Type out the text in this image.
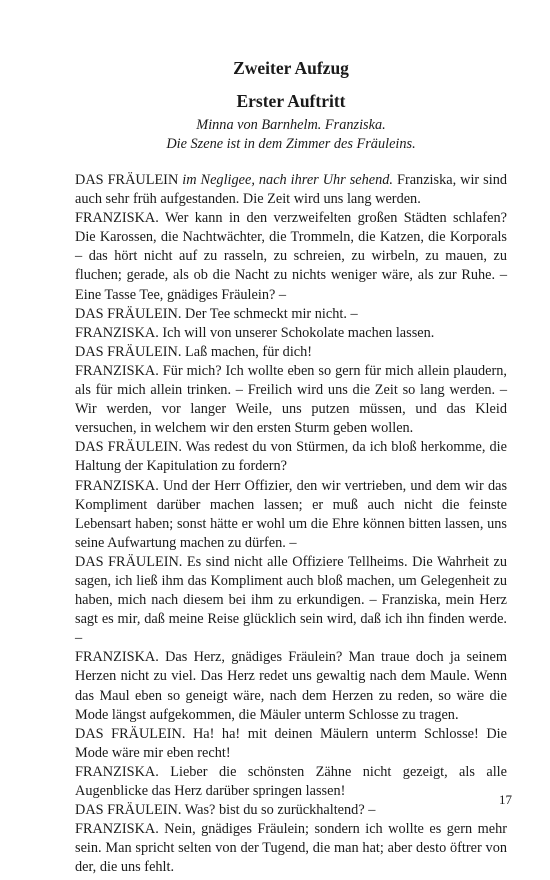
Zweiter Aufzug
Erster Auftritt

Minna von Barnhelm. Franziska.

Die Szene ist in dem Zimmer des Fräuleins.

DAS FRÄULEIN im Negligee, nach ihrer Uhr sehend. Franziska, wir sind auch sehr früh aufgestanden. Die Zeit wird uns lang werden.

FRANZISKA. Wer kann in den verzweifelten großen Städten schlafen? Die Karossen, die Nachtwächter, die Trommeln, die Katzen, die Korporals – das hört nicht auf zu rasseln, zu schreien, zu wirbeln, zu mauen, zu fluchen; gerade, als ob die Nacht zu nichts weniger wäre, als zur Ruhe. – Eine Tasse Tee, gnädiges Fräulein? –

DAS FRÄULEIN. Der Tee schmeckt mir nicht. –

FRANZISKA. Ich will von unserer Schokolate machen lassen.

DAS FRÄULEIN. Laß machen, für dich!

FRANZISKA. Für mich? Ich wollte eben so gern für mich allein plaudern, als für mich allein trinken. – Freilich wird uns die Zeit so lang werden. – Wir werden, vor langer Weile, uns putzen müssen, und das Kleid versuchen, in welchem wir den ersten Sturm geben wollen.

DAS FRÄULEIN. Was redest du von Stürmen, da ich bloß herkomme, die Haltung der Kapitulation zu fordern?

FRANZISKA. Und der Herr Offizier, den wir vertrieben, und dem wir das Kompliment darüber machen lassen; er muß auch nicht die feinste Lebensart haben; sonst hätte er wohl um die Ehre können bitten lassen, uns seine Aufwartung machen zu dürfen. –

DAS FRÄULEIN. Es sind nicht alle Offiziere Tellheims. Die Wahrheit zu sagen, ich ließ ihm das Kompliment auch bloß machen, um Gelegenheit zu haben, mich nach diesem bei ihm zu erkundigen. – Franziska, mein Herz sagt es mir, daß meine Reise glücklich sein wird, daß ich ihn finden werde. –

FRANZISKA. Das Herz, gnädiges Fräulein? Man traue doch ja seinem Herzen nicht zu viel. Das Herz redet uns gewaltig nach dem Maule. Wenn das Maul eben so geneigt wäre, nach dem Herzen zu reden, so wäre die Mode längst aufgekommen, die Mäuler unterm Schlosse zu tragen.

DAS FRÄULEIN. Ha! ha! mit deinen Mäulern unterm Schlosse! Die Mode wäre mir eben recht!

FRANZISKA. Lieber die schönsten Zähne nicht gezeigt, als alle Augenblicke das Herz darüber springen lassen!

DAS FRÄULEIN. Was? bist du so zurückhaltend? –

FRANZISKA. Nein, gnädiges Fräulein; sondern ich wollte es gern mehr sein. Man spricht selten von der Tugend, die man hat; aber desto öftrer von der, die uns fehlt.

17
